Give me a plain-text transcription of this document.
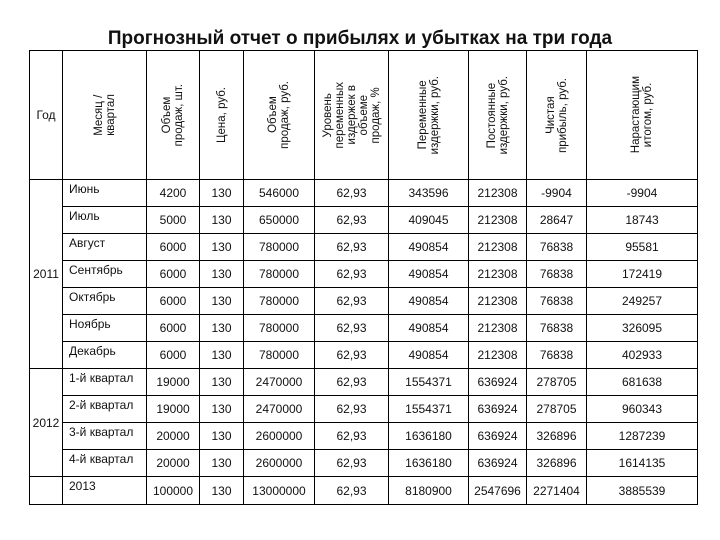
Прогнозный отчет о прибылях и убытках на три года
Год	Месяц /
квартал	Объем
продаж, шт.	Цена, руб.	Объем
продаж, руб.	Уровень
переменных
издержек в
объеме
продаж, %	Переменные
издержки, руб.	Постоянные
издержки, руб.	Чистая
прибыль, руб.	Нарастающим
итогом, руб.

2011	Июнь	4200	130	546000	62,93	343596	212308	-9904	-9904
	Июль	5000	130	650000	62,93	409045	212308	28647	18743
	Август	6000	130	780000	62,93	490854	212308	76838	95581
	Сентябрь	6000	130	780000	62,93	490854	212308	76838	172419
	Октябрь	6000	130	780000	62,93	490854	212308	76838	249257
	Ноябрь	6000	130	780000	62,93	490854	212308	76838	326095
	Декабрь	6000	130	780000	62,93	490854	212308	76838	402933
2012	1-й квартал	19000	130	2470000	62,93	1554371	636924	278705	681638
	2-й квартал	19000	130	2470000	62,93	1554371	636924	278705	960343
	3-й квартал	20000	130	2600000	62,93	1636180	636924	326896	1287239
	4-й квартал	20000	130	2600000	62,93	1636180	636924	326896	1614135
	2013	100000	130	13000000	62,93	8180900	2547696	2271404	3885539
